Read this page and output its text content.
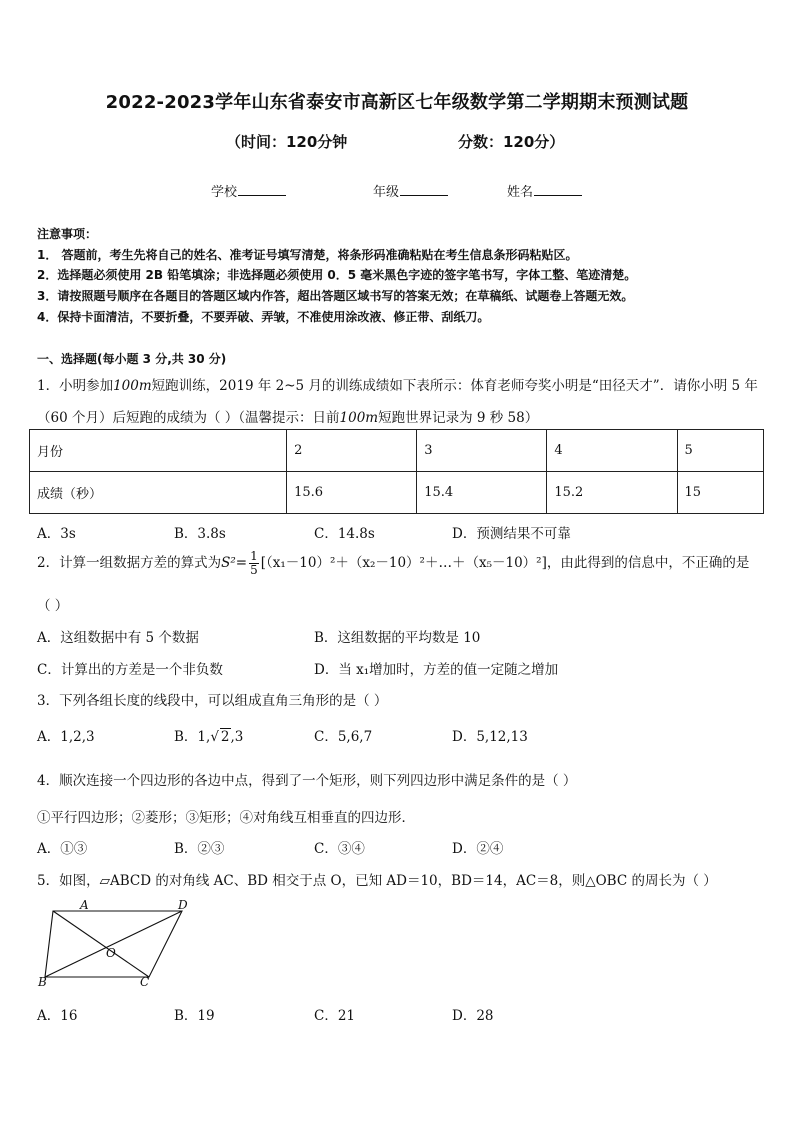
2022-2023学年山东省泰安市高新区七年级数学第二学期期末预测试题
（时间：120分钟	分数：120分）
学校	年级	姓名
注意事项：
1． 答题前，考生先将自己的姓名、准考证号填写清楚，将条形码准确粘贴在考生信息条形码粘贴区。
2．选择题必须使用 2B 铅笔填涂；非选择题必须使用 0．5 毫米黑色字迹的签字笔书写，字体工整、笔迹清楚。
3．请按照题号顺序在各题目的答题区域内作答，超出答题区域书写的答案无效；在草稿纸、试题卷上答题无效。
4．保持卡面清洁，不要折叠，不要弄破、弄皱，不准使用涂改液、修正带、刮纸刀。
一、选择题(每小题 3 分,共 30 分)
1．小明参加100m短跑训练，2019 年 2~5 月的训练成绩如下表所示：体育老师夸奖小明是“田径天才”．请你小明 5 年
（60 个月）后短跑的成绩为（ ）（温馨提示：日前100m短跑世界记录为 9 秒 58）
月份	2	3	4	5
成绩（秒）	15.6	15.4	15.2	15
A．3s	B．3.8s	C．14.8s	D．预测结果不可靠
2．计算一组数据方差的算式为$S^2= \frac{1}{5}$ [（x₁－10）²＋（x₂－10）²＋…＋（x₅－10）²]，由此得到的信息中，不正确的是
（ ）
A．这组数据中有 5 个数据	B．这组数据的平均数是 10
C．计算出的方差是一个非负数	D．当 x₁增加时，方差的值一定随之增加
3．下列各组长度的线段中，可以组成直角三角形的是（ ）
A．1,2,3	B．1,√ 2,3	C．5,6,7	D．5,12,13
4．顺次连接一个四边形的各边中点，得到了一个矩形，则下列四边形中满足条件的是（ ）
①平行四边形；②菱形；③矩形；④对角线互相垂直的四边形．
A．①③	B．②③	C．③④	D．②④
5．如图，▱ABCD 的对角线 AC、BD 相交于点 O，已知 AD＝10，BD＝14，AC＝8，则△OBC 的周长为（ ）
A	D
B	C
O
A．16	B．19	C．21	D．28
